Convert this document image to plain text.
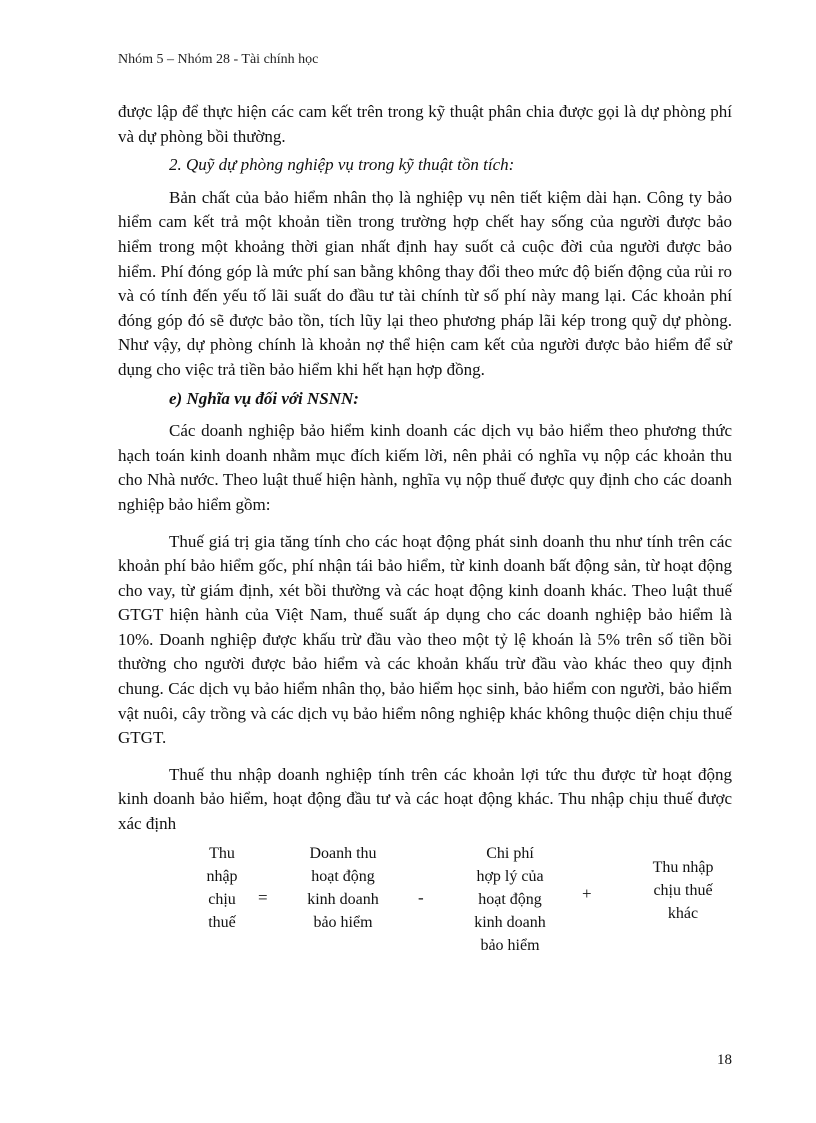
Nhóm 5 – Nhóm 28 - Tài chính học

được lập để thực hiện các cam kết trên trong kỹ thuật phân chia được gọi là dự phòng phí và dự phòng bồi thường.

2. Quỹ dự phòng nghiệp vụ trong kỹ thuật tồn tích:

Bản chất của bảo hiểm nhân thọ là nghiệp vụ nên tiết kiệm dài hạn. Công ty bảo hiểm cam kết trả một khoản tiền trong trường hợp chết hay sống của người được bảo hiểm trong một khoảng thời gian nhất định hay suốt cả cuộc đời của người được bảo hiểm. Phí đóng góp là mức phí san bằng không thay đổi theo mức độ biến động của rủi ro và có tính đến yếu tố lãi suất do đầu tư tài chính từ số phí này mang lại. Các khoản phí đóng góp đó sẽ được bảo tồn, tích lũy lại theo phương pháp lãi kép trong quỹ dự phòng. Như vậy, dự phòng chính là khoản nợ thể hiện cam kết của người được bảo hiểm để sử dụng cho việc trả tiền bảo hiểm khi hết hạn hợp đồng.

e) Nghĩa vụ đối với NSNN:

Các doanh nghiệp bảo hiểm kinh doanh các dịch vụ bảo hiểm theo phương thức hạch toán kinh doanh nhằm mục đích kiếm lời, nên phải có nghĩa vụ nộp các khoản thu cho Nhà nước. Theo luật thuế hiện hành, nghĩa vụ nộp thuế được quy định cho các doanh nghiệp bảo hiểm gồm:

Thuế giá trị gia tăng tính cho các hoạt động phát sinh doanh thu như tính trên các khoản phí bảo hiểm gốc, phí nhận tái bảo hiểm, từ kinh doanh bất động sản, từ hoạt động cho vay, từ giám định, xét bồi thường và các hoạt động kinh doanh khác. Theo luật thuế GTGT hiện hành của Việt Nam, thuế suất áp dụng cho các doanh nghiệp bảo hiểm là 10%. Doanh nghiệp được khấu trừ đầu vào theo một tỷ lệ khoán là 5% trên số tiền bồi thường cho người được bảo hiểm và các khoản khấu trừ đầu vào khác theo quy định chung. Các dịch vụ bảo hiểm nhân thọ, bảo hiểm học sinh, bảo hiểm con người, bảo hiểm vật nuôi, cây trồng và các dịch vụ bảo hiểm nông nghiệp khác không thuộc diện chịu thuế GTGT.

Thuế thu nhập doanh nghiệp tính trên các khoản lợi tức thu được từ hoạt động kinh doanh bảo hiểm, hoạt động đầu tư và các hoạt động khác. Thu nhập chịu thuế được xác định

Thu
nhập
chịu
thuế
=
Doanh thu
hoạt động
kinh doanh
bảo hiểm
-
Chi phí
hợp lý của
hoạt động
kinh doanh
bảo hiểm
+
Thu nhập
chịu thuế
khác
18
